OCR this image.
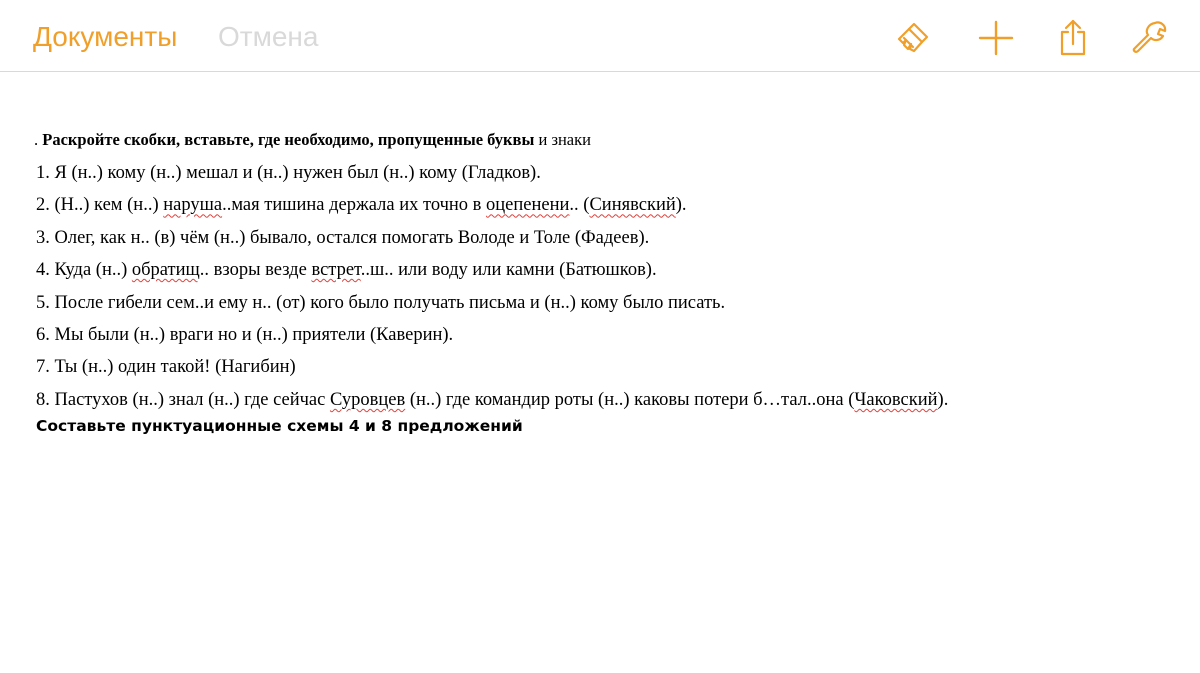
Документы Отмена
. Раскройте скобки, вставьте, где необходимо, пропущенные буквы и знаки
1. Я (н..) кому (н..) мешал и (н..) нужен был (н..) кому (Гладков).
2. (Н..) кем (н..) наруша..мая тишина держала их точно в оцепенени.. (Синявский).
3. Олег, как н.. (в) чём (н..) бывало, остался помогать Володе и Толе (Фадеев).
4. Куда (н..) обратищ.. взоры везде встрет..ш.. или воду или камни (Батюшков).
5. После гибели сем..и ему н.. (от) кого было получать письма и (н..) кому было писать.
6. Мы были (н..) враги но и (н..) приятели (Каверин).
7. Ты (н..) один такой! (Нагибин)
8. Пастухов (н..) знал (н..) где сейчас Суровцев (н..) где командир роты (н..) каковы потери б…тал..она (Чаковский).
Составьте пунктуационные схемы 4 и 8 предложений
